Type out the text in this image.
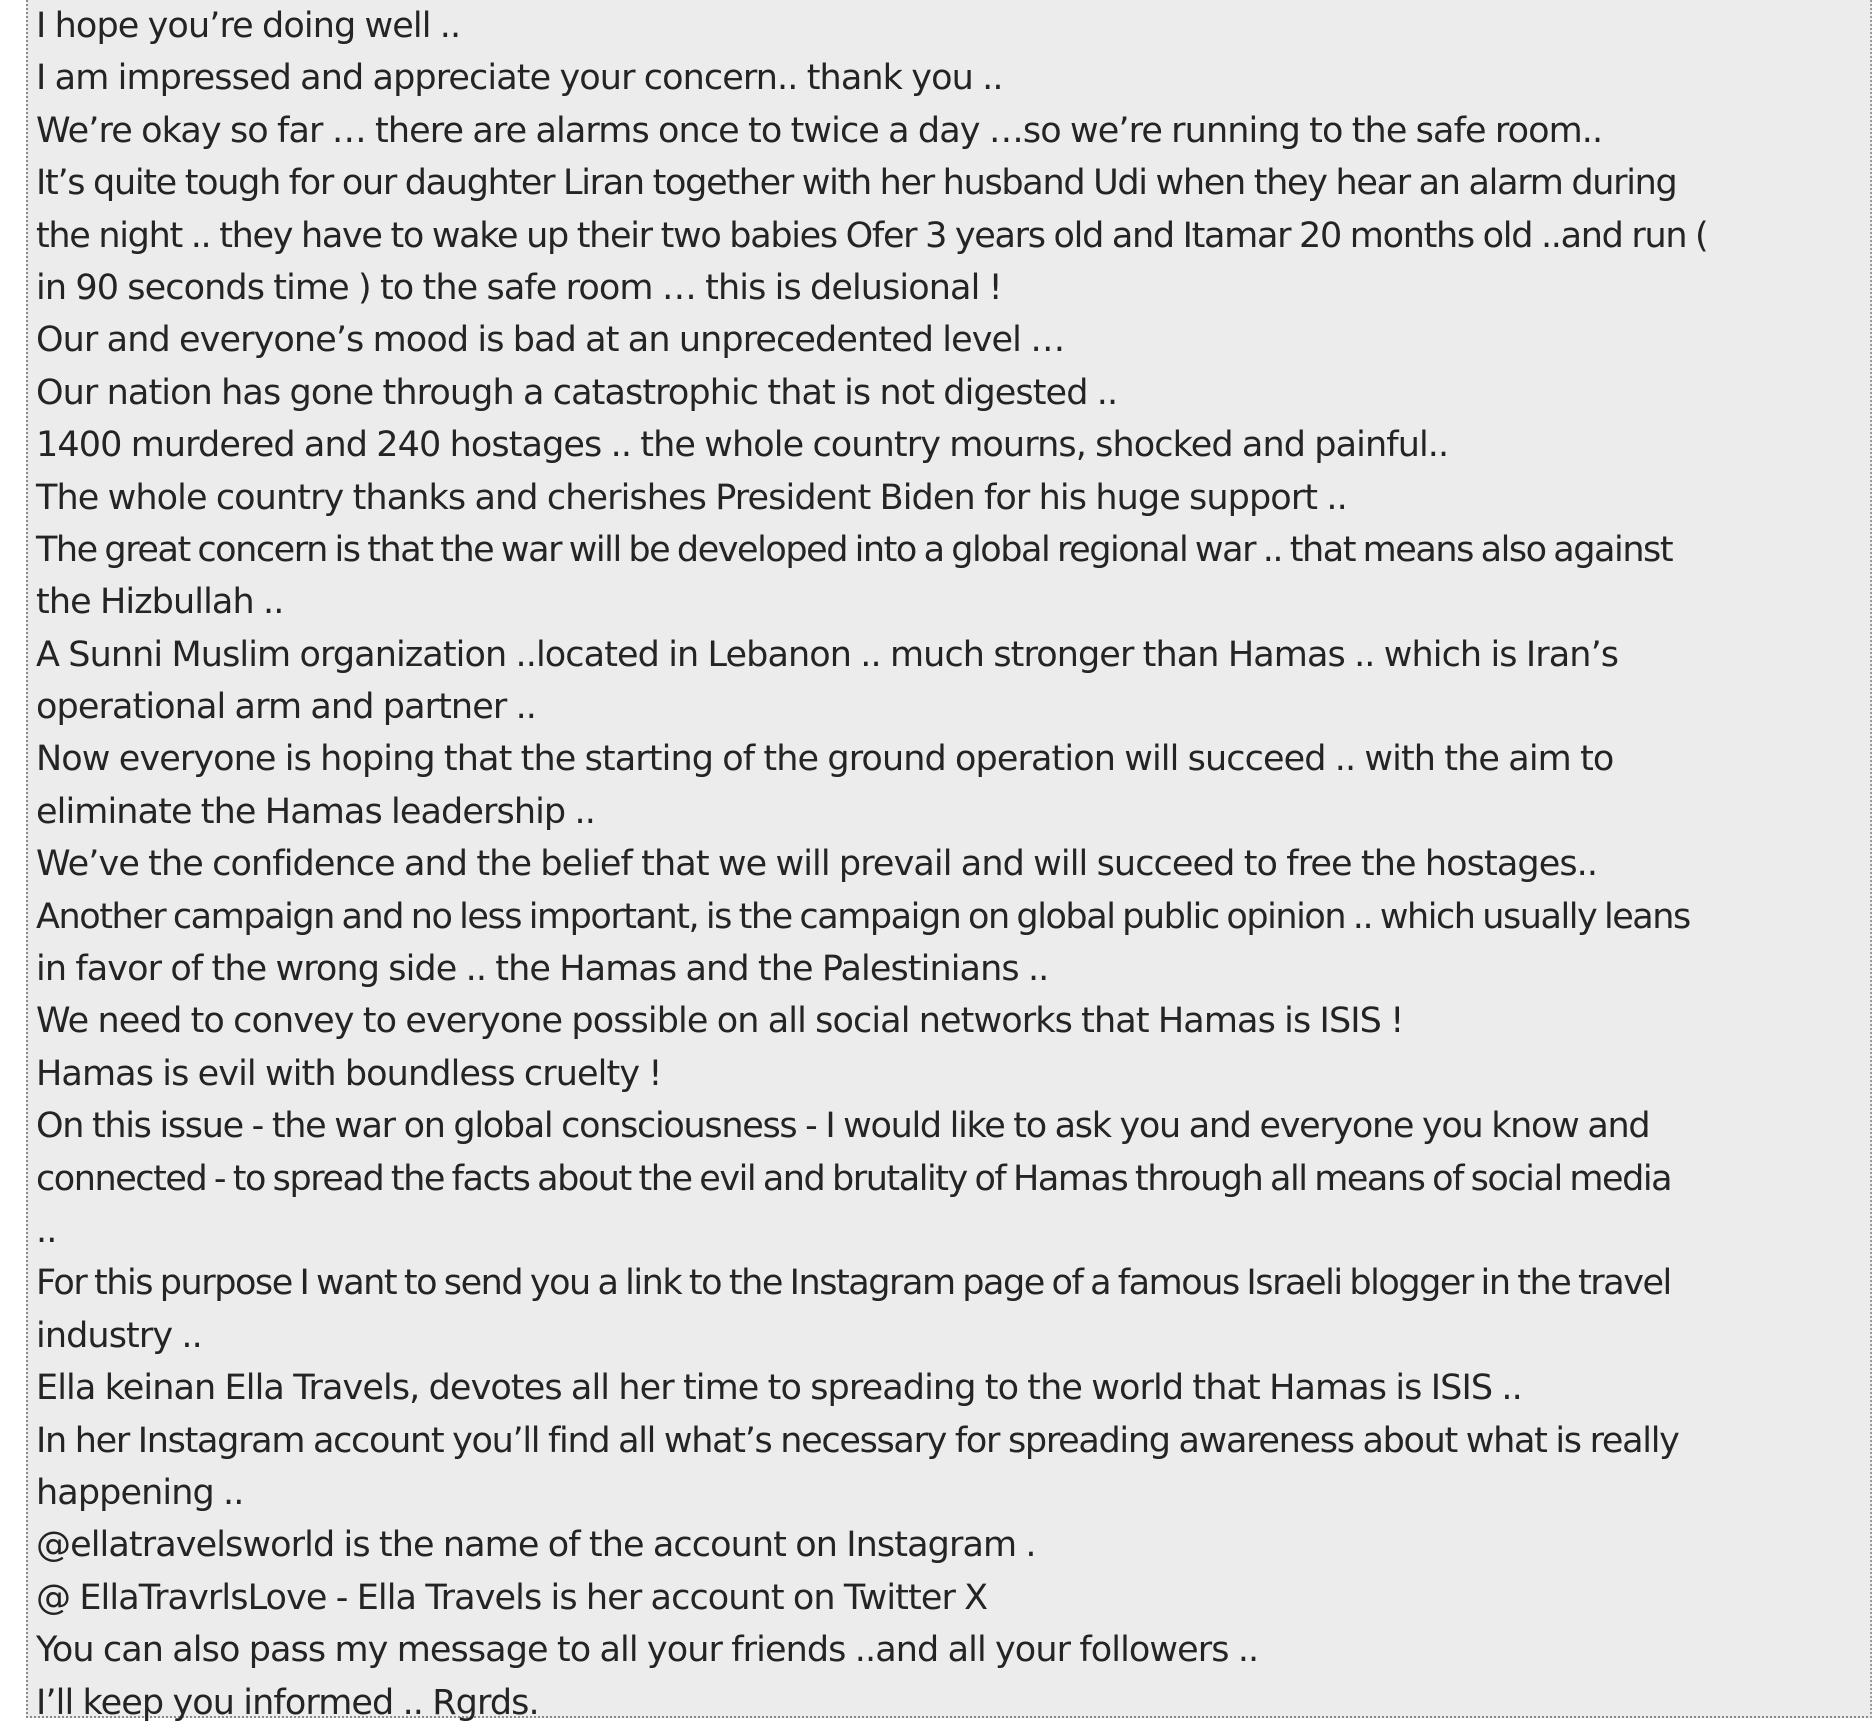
I hope you’re doing well ..
I am impressed and appreciate your concern.. thank you ..
We’re okay so far … there are alarms once to twice a day …so we’re running to the safe room..
It’s quite tough for our daughter Liran together with her husband Udi when they hear an alarm during
the night .. they have to wake up their two babies Ofer 3 years old and Itamar 20 months old ..and run (
in 90 seconds time ) to the safe room … this is delusional !
Our and everyone’s mood is bad at an unprecedented level …
Our nation has gone through a catastrophic that is not digested ..
1400 murdered and 240 hostages .. the whole country mourns, shocked and painful..
The whole country thanks and cherishes President Biden for his huge support ..
The great concern is that the war will be developed into a global regional war .. that means also against
the Hizbullah ..
A Sunni Muslim organization ..located in Lebanon .. much stronger than Hamas .. which is Iran’s
operational arm and partner ..
Now everyone is hoping that the starting of the ground operation will succeed .. with the aim to
eliminate the Hamas leadership ..
We’ve the confidence and the belief that we will prevail and will succeed to free the hostages..
Another campaign and no less important, is the campaign on global public opinion .. which usually leans
in favor of the wrong side .. the Hamas and the Palestinians ..
We need to convey to everyone possible on all social networks that Hamas is ISIS !
Hamas is evil with boundless cruelty !
On this issue - the war on global consciousness - I would like to ask you and everyone you know and
connected - to spread the facts about the evil and brutality of Hamas through all means of social media
..
For this purpose I want to send you a link to the Instagram page of a famous Israeli blogger in the travel
industry ..
Ella keinan Ella Travels, devotes all her time to spreading to the world that Hamas is ISIS ..
In her Instagram account you’ll find all what’s necessary for spreading awareness about what is really
happening ..
@ellatravelsworld is the name of the account on Instagram .
@ EllaTravrlsLove - Ella Travels is her account on Twitter X
You can also pass my message to all your friends ..and all your followers ..
I’ll keep you informed .. Rgrds.
